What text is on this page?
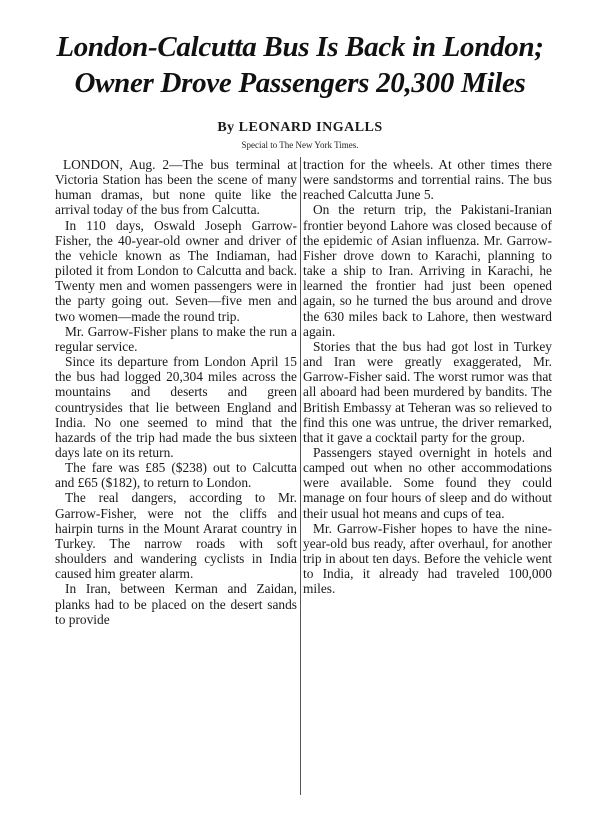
London-Calcutta Bus Is Back in London;
Owner Drove Passengers 20,300 Miles
By LEONARD INGALLS
Special to The New York Times.

LONDON, Aug. 2—The bus terminal at Victoria Station has been the scene of many human dramas, but none quite like the arrival today of the bus from Calcutta.

In 110 days, Oswald Joseph Garrow-Fisher, the 40-year-old owner and driver of the vehicle known as The Indiaman, had piloted it from London to Calcutta and back. Twenty men and women passengers were in the party going out. Seven—five men and two women—made the round trip.

Mr. Garrow-Fisher plans to make the run a regular service.

Since its departure from London April 15 the bus had logged 20,304 miles across the mountains and deserts and green countrysides that lie between England and India. No one seemed to mind that the hazards of the trip had made the bus sixteen days late on its return.

The fare was £85 ($238) out to Calcutta and £65 ($182), to return to London.

The real dangers, according to Mr. Garrow-Fisher, were not the cliffs and hairpin turns in the Mount Ararat country in Turkey. The narrow roads with soft shoulders and wandering cyclists in India caused him greater alarm.

In Iran, between Kerman and Zaidan, planks had to be placed on the desert sands to provide

traction for the wheels. At other times there were sandstorms and torrential rains. The bus reached Calcutta June 5.

On the return trip, the Pakistani-Iranian frontier beyond Lahore was closed because of the epidemic of Asian influenza. Mr. Garrow-Fisher drove down to Karachi, planning to take a ship to Iran. Arriving in Karachi, he learned the frontier had just been opened again, so he turned the bus around and drove the 630 miles back to Lahore, then westward again.

Stories that the bus had got lost in Turkey and Iran were greatly exaggerated, Mr. Garrow-Fisher said. The worst rumor was that all aboard had been murdered by bandits. The British Embassy at Teheran was so relieved to find this one was untrue, the driver remarked, that it gave a cocktail party for the group.

Passengers stayed overnight in hotels and camped out when no other accommodations were available. Some found they could manage on four hours of sleep and do without their usual hot means and cups of tea.

Mr. Garrow-Fisher hopes to have the nine-year-old bus ready, after overhaul, for another trip in about ten days. Before the vehicle went to India, it already had traveled 100,000 miles.
